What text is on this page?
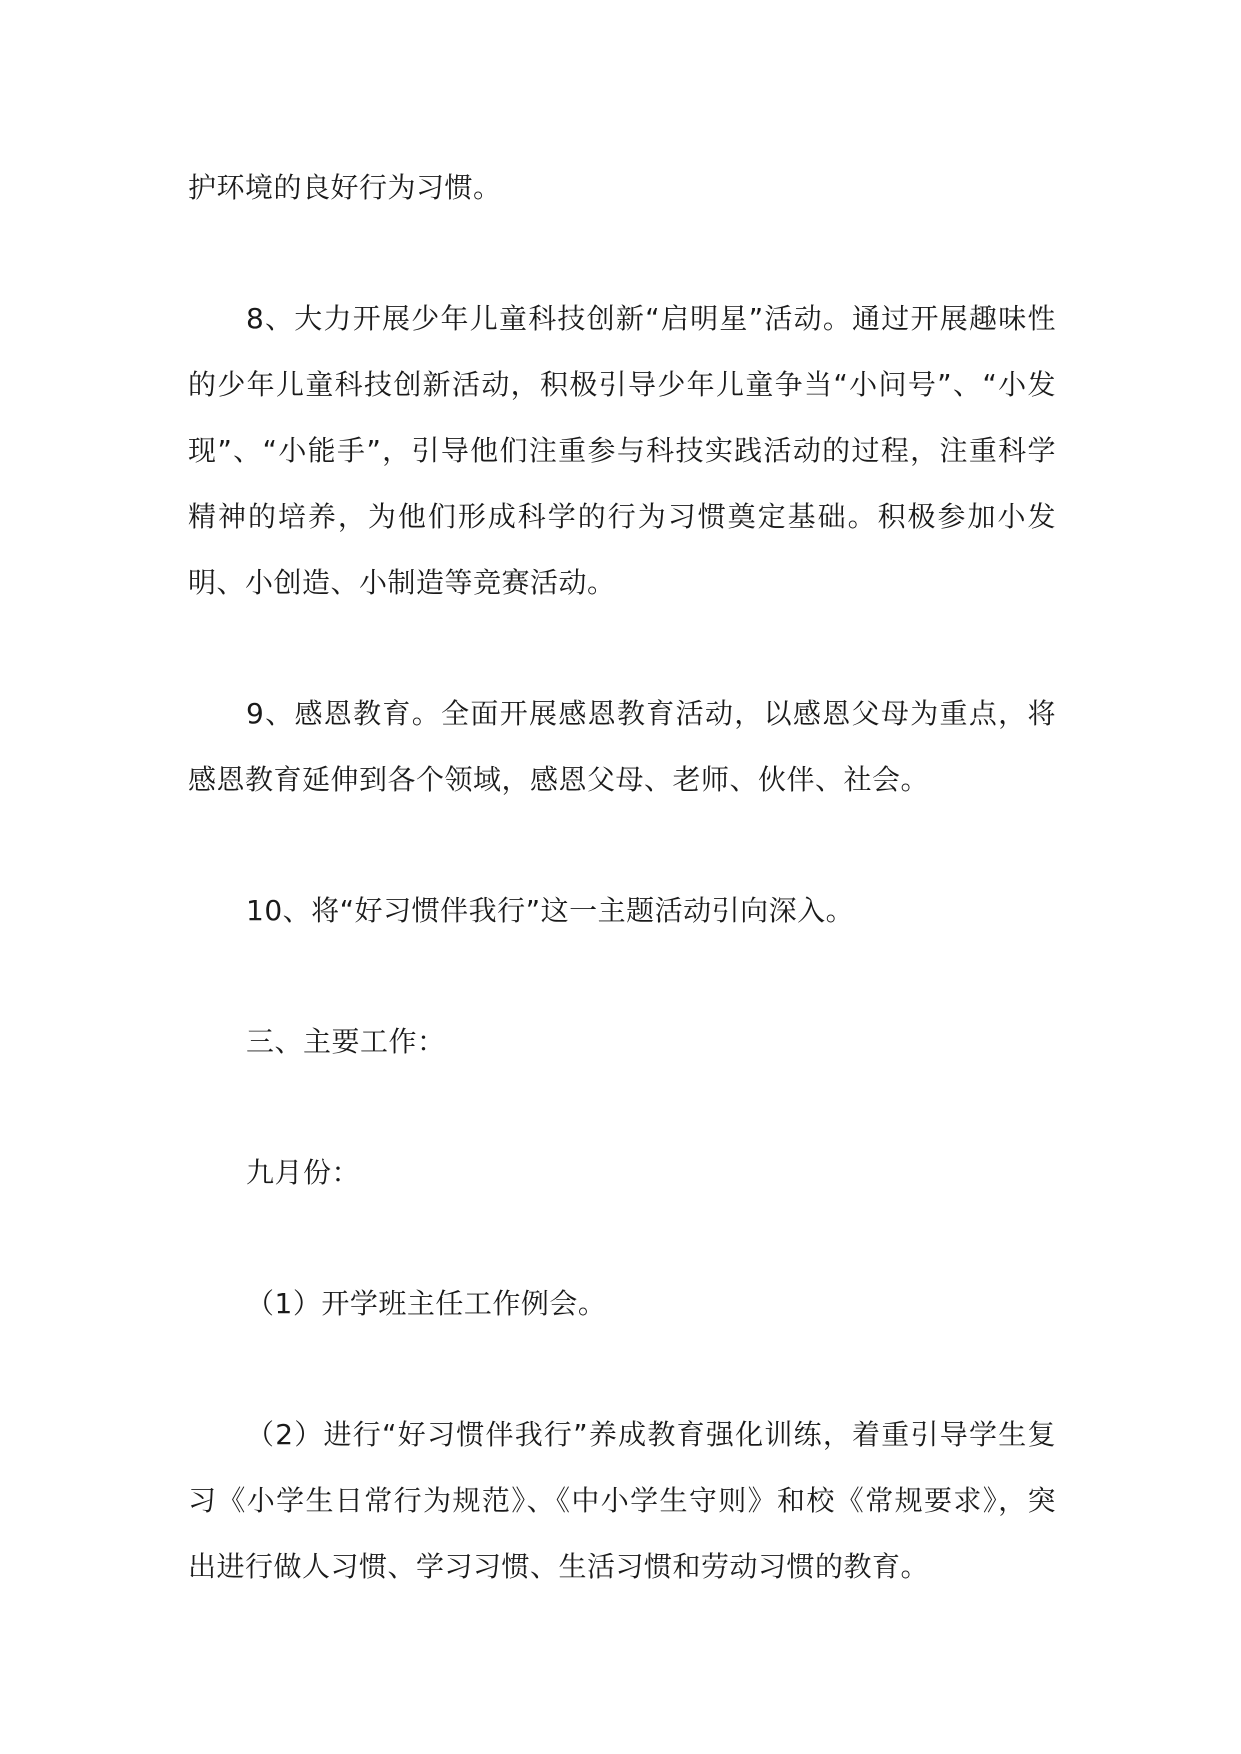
护环境的良好行为习惯。

8、大力开展少年儿童科技创新“启明星”活动。通过开展趣味性的少年儿童科技创新活动，积极引导少年儿童争当“小问号”、“小发现”、“小能手”，引导他们注重参与科技实践活动的过程，注重科学精神的培养，为他们形成科学的行为习惯奠定基础。积极参加小发明、小创造、小制造等竞赛活动。

9、感恩教育。全面开展感恩教育活动，以感恩父母为重点，将感恩教育延伸到各个领域，感恩父母、老师、伙伴、社会。

10、将“好习惯伴我行”这一主题活动引向深入。

三、主要工作：

九月份：

（1）开学班主任工作例会。

（2）进行“好习惯伴我行”养成教育强化训练，着重引导学生复习《小学生日常行为规范》、《中小学生守则》和校《常规要求》，突出进行做人习惯、学习习惯、生活习惯和劳动习惯的教育。
